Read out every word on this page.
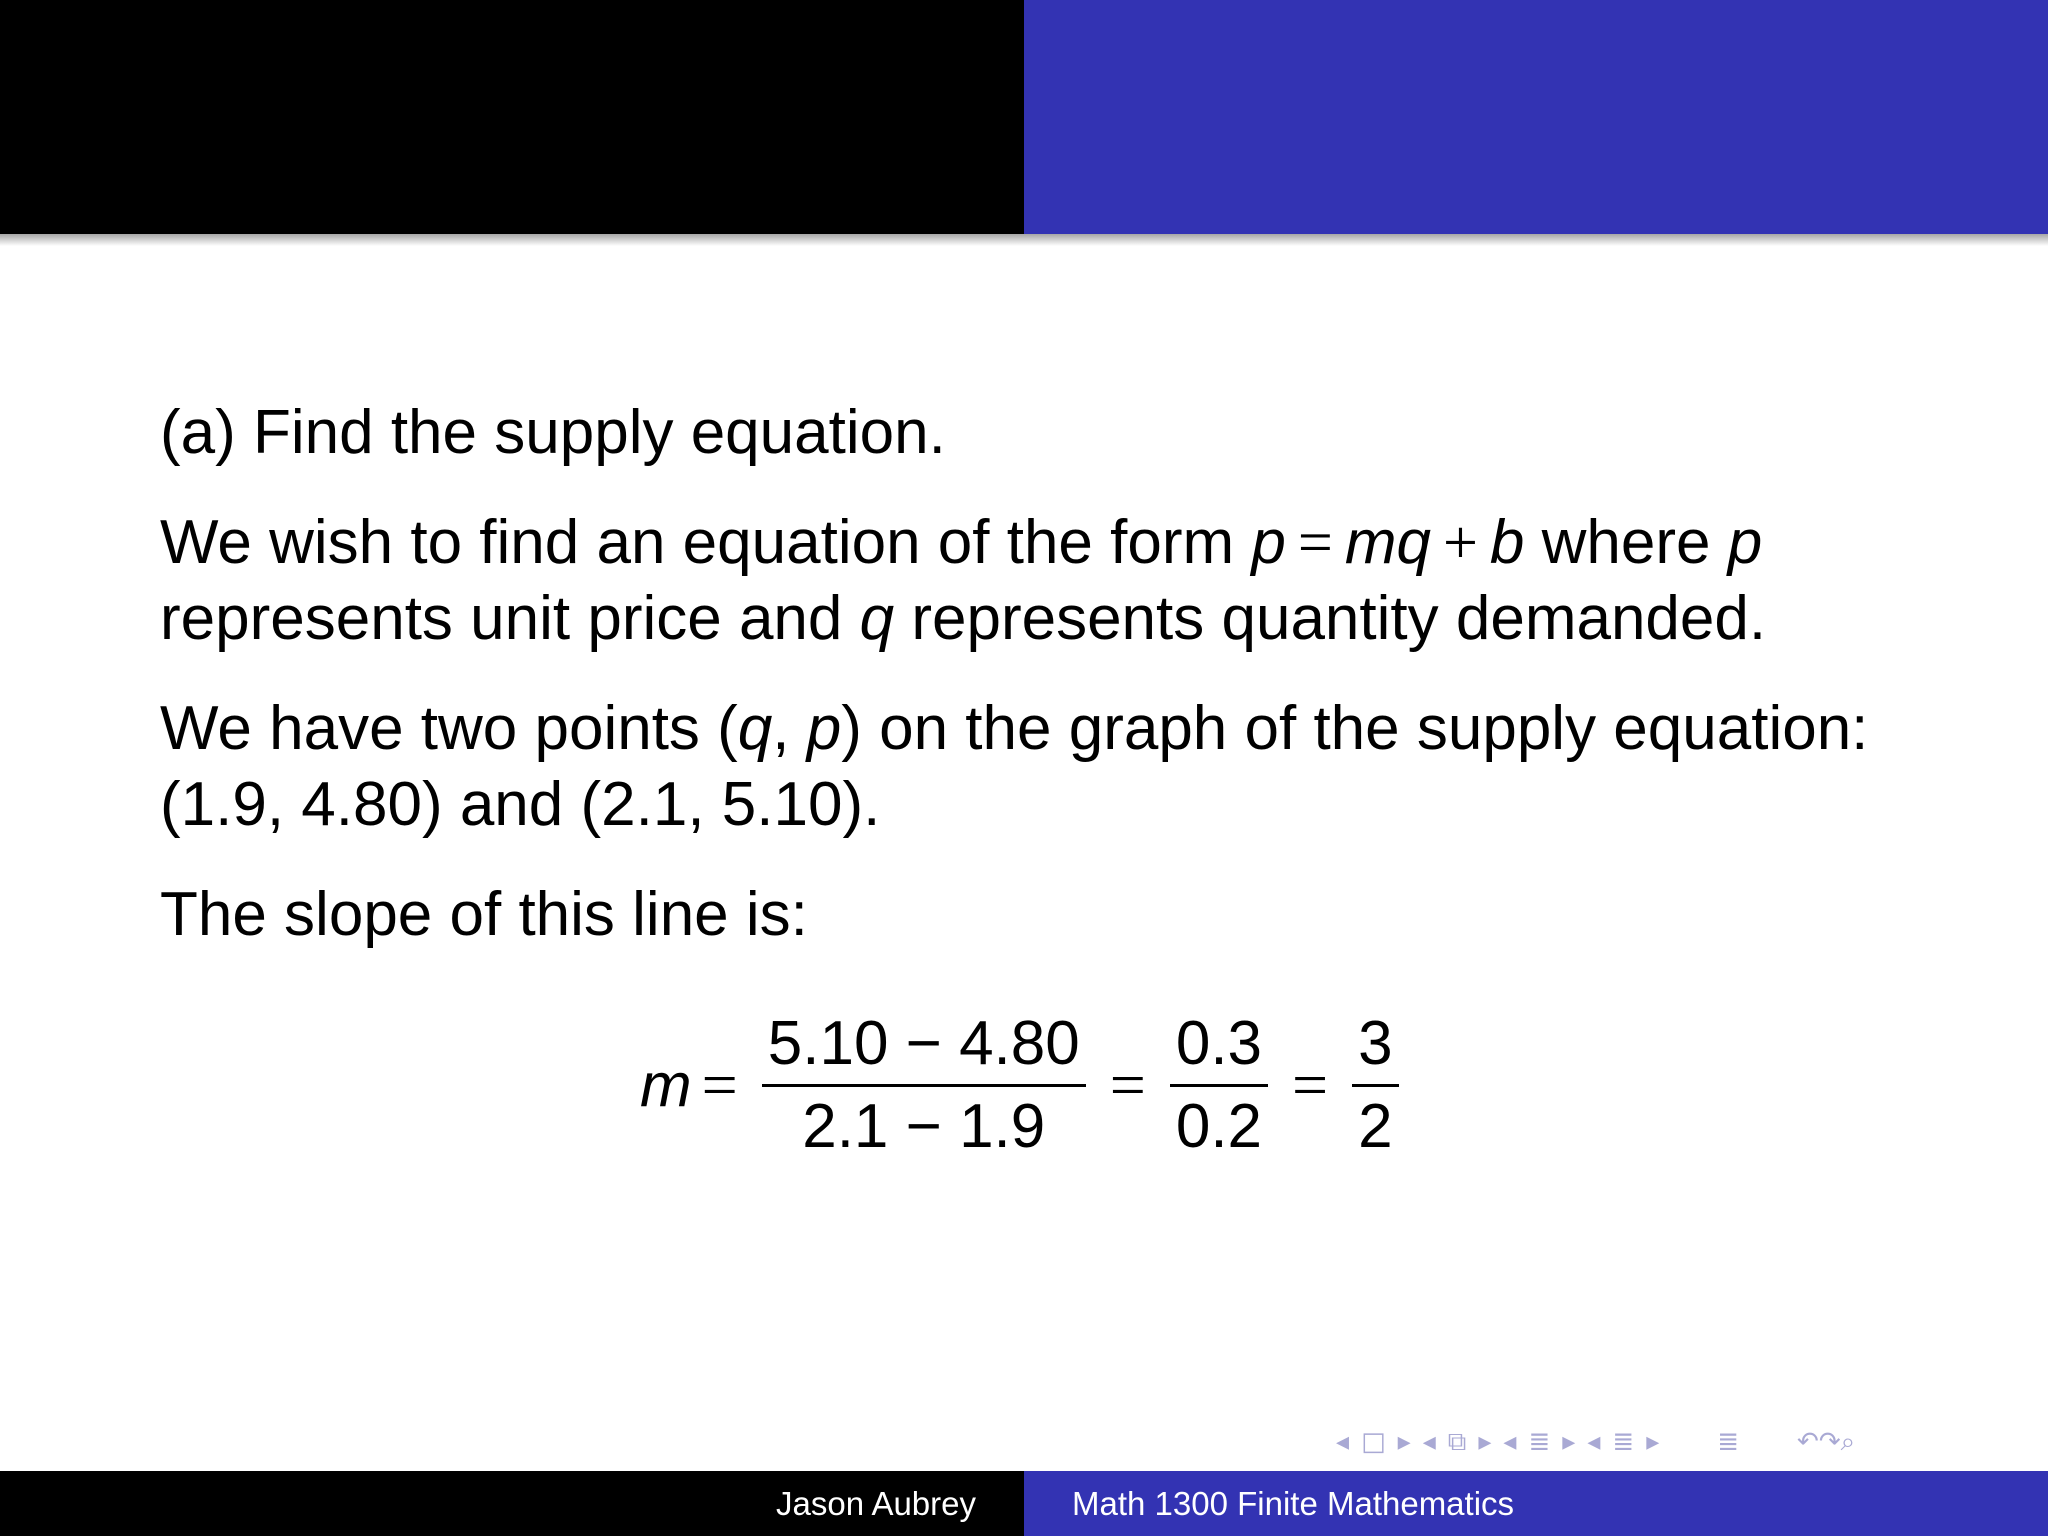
(a) Find the supply equation.

We wish to find an equation of the form p = mq + b where p
represents unit price and q represents quantity demanded.

We have two points (q, p) on the graph of the supply equation:
(1.9, 4.80) and (2.1, 5.10).

The slope of this line is:

$m = \frac{5.10 - 4.80}{2.1 - 1.9} = \frac{0.3}{0.2} = \frac{3}{2}$
◂ □ ▸ ◂ ⧉ ▸ ◂ ≣ ▸ ◂ ≣ ▸ ≣ ↶↷⌕
Jason Aubrey	Math 1300 Finite Mathematics
